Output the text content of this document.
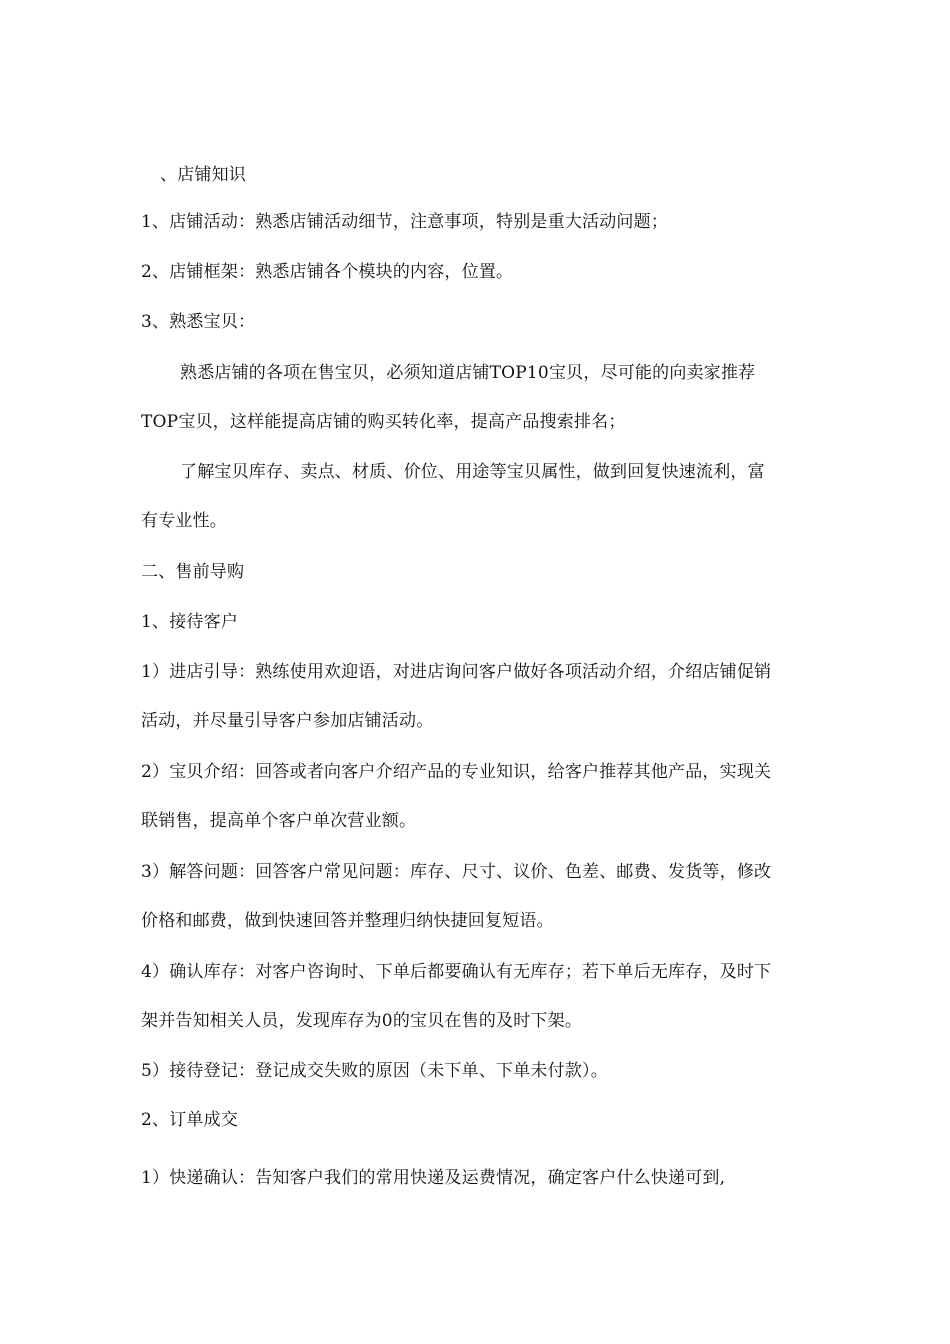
、店铺知识
1、店铺活动：熟悉店铺活动细节，注意事项，特别是重大活动问题；
2、店铺框架：熟悉店铺各个模块的内容，位置。
3、熟悉宝贝：
熟悉店铺的各项在售宝贝，必须知道店铺TOP10宝贝，尽可能的向卖家推荐
TOP宝贝，这样能提高店铺的购买转化率，提高产品搜索排名；
了解宝贝库存、卖点、材质、价位、用途等宝贝属性，做到回复快速流利，富
有专业性。
二、售前导购
1、接待客户
1）进店引导：熟练使用欢迎语，对进店询问客户做好各项活动介绍，介绍店铺促销
活动，并尽量引导客户参加店铺活动。
2）宝贝介绍：回答或者向客户介绍产品的专业知识，给客户推荐其他产品，实现关
联销售，提高单个客户单次营业额。
3）解答问题：回答客户常见问题：库存、尺寸、议价、色差、邮费、发货等，修改
价格和邮费，做到快速回答并整理归纳快捷回复短语。
4）确认库存：对客户咨询时、下单后都要确认有无库存；若下单后无库存，及时下
架并告知相关人员，发现库存为0的宝贝在售的及时下架。
5）接待登记：登记成交失败的原因（未下单、下单未付款）。
2、订单成交
1）快递确认：告知客户我们的常用快递及运费情况，确定客户什么快递可到,
